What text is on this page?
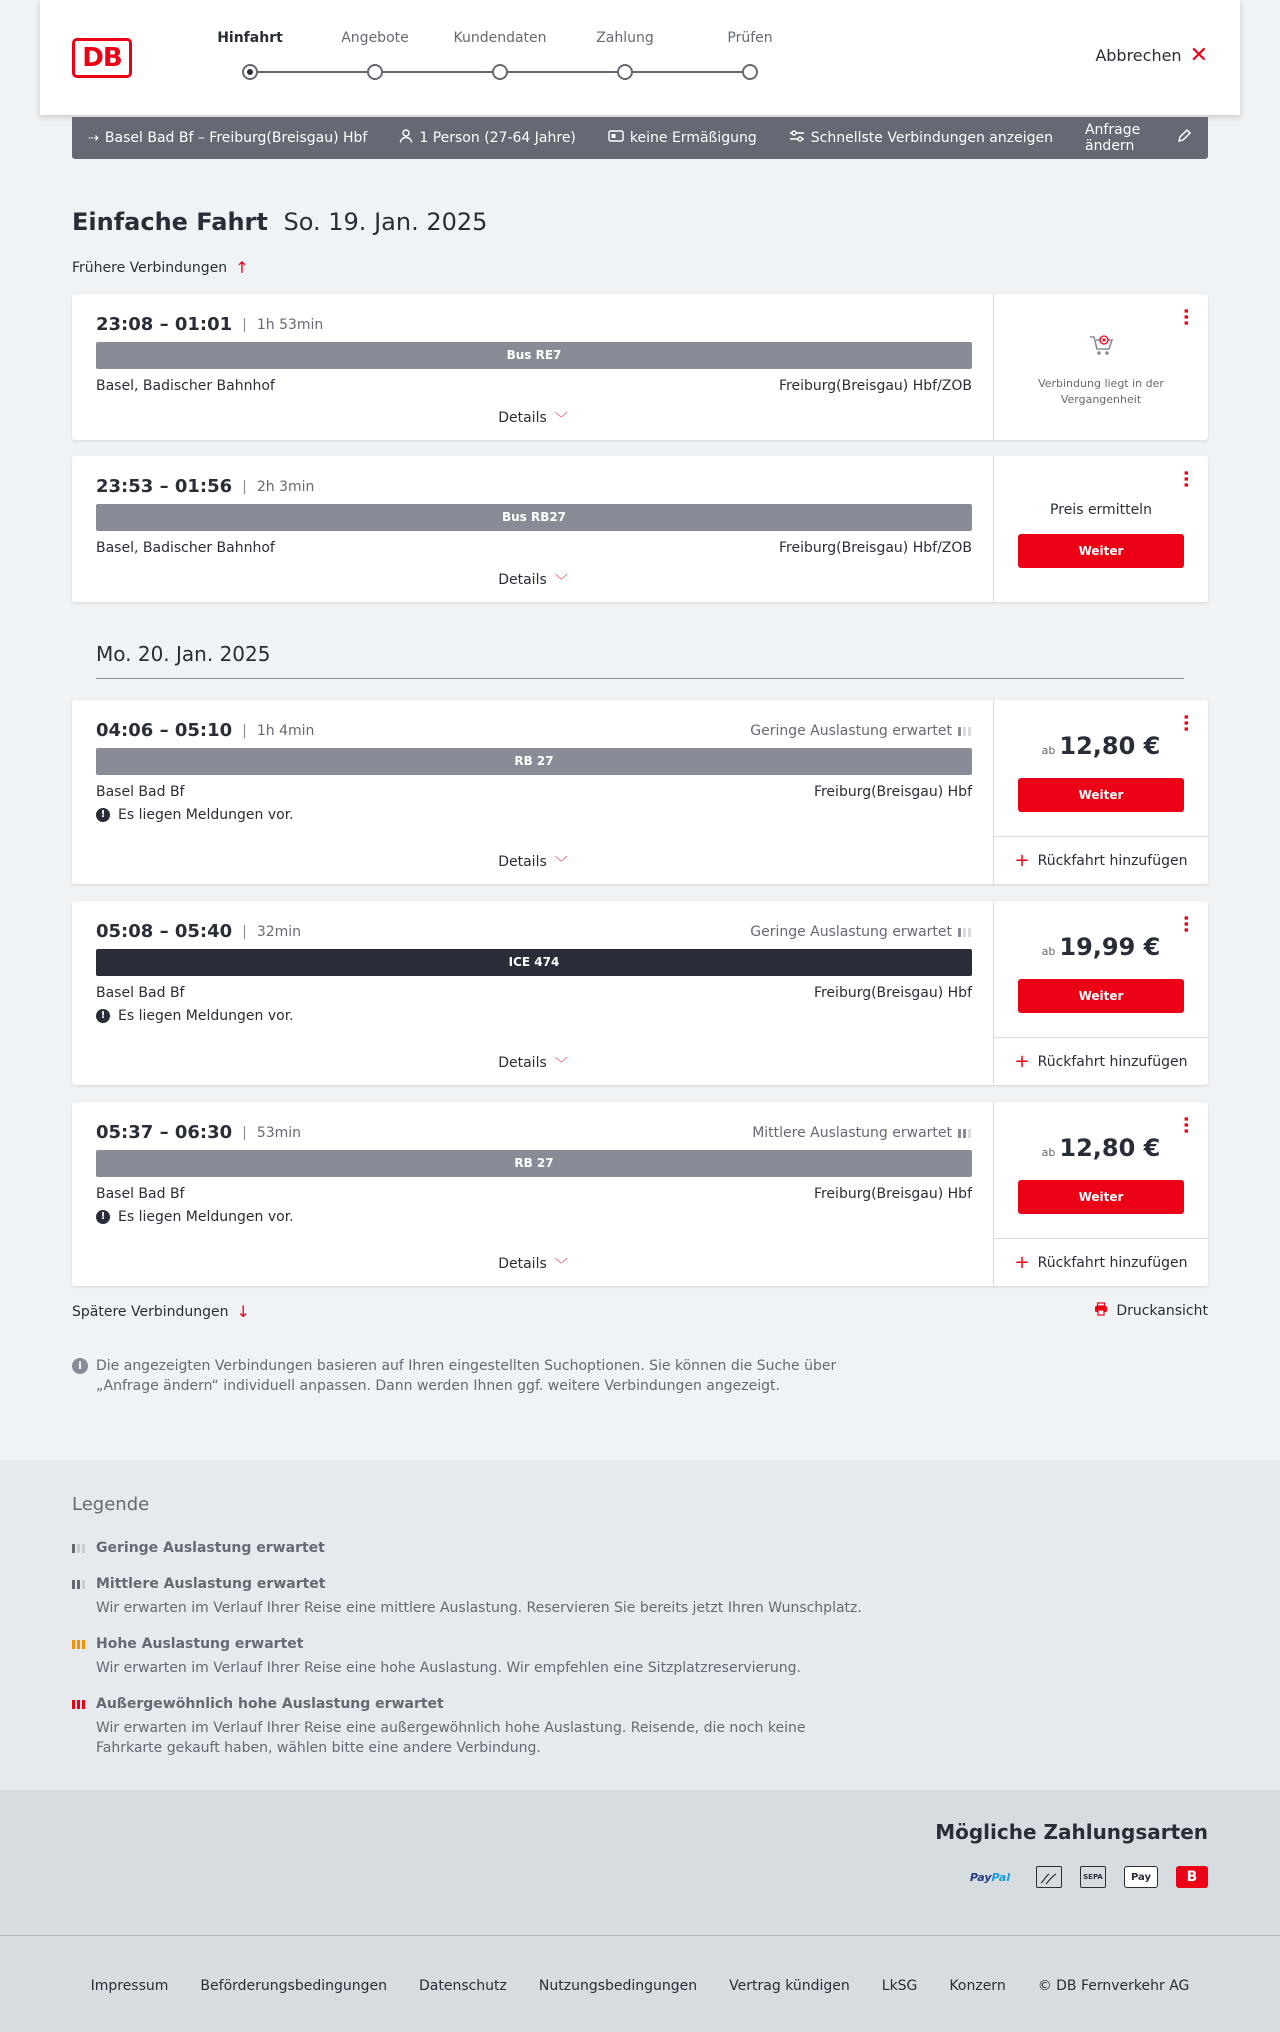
DB
Hinfahrt	Angebote	Kundendaten	Zahlung	Prüfen
Abbrechen ✕
⇢ Basel Bad Bf – Freiburg(Breisgau) Hbf	1 Person (27-64 Jahre)	keine Ermäßigung	Schnellste Verbindungen anzeigen Anfrage ändern
Einfache Fahrt So. 19. Jan. 2025
Frühere Verbindungen ↑
23:08 – 01:01 | 1h 53min
Bus RE7
Basel, Badischer Bahnhof	Freiburg(Breisgau) Hbf/ZOB
Details ﹀
⋯
Verbindung liegt in der Vergangenheit
23:53 – 01:56 | 2h 3min
Bus RB27
Basel, Badischer Bahnhof	Freiburg(Breisgau) Hbf/ZOB
Details ﹀
⋯
Preis ermitteln
Weiter
Mo. 20. Jan. 2025
04:06 – 05:10 | 1h 4min	Geringe Auslastung erwartet
RB 27
Basel Bad Bf	Freiburg(Breisgau) Hbf
! Es liegen Meldungen vor.
Details ﹀
⋯
ab 12,80 €
Weiter
+ Rückfahrt hinzufügen
05:08 – 05:40 | 32min	Geringe Auslastung erwartet
ICE 474
Basel Bad Bf	Freiburg(Breisgau) Hbf
! Es liegen Meldungen vor.
Details ﹀
⋯
ab 19,99 €
Weiter
+ Rückfahrt hinzufügen
05:37 – 06:30 | 53min	Mittlere Auslastung erwartet
RB 27
Basel Bad Bf	Freiburg(Breisgau) Hbf
! Es liegen Meldungen vor.
Details ﹀
⋯
ab 12,80 €
Weiter
+ Rückfahrt hinzufügen
Spätere Verbindungen ↓	Druckansicht
i	Die angezeigten Verbindungen basieren auf Ihren eingestellten Suchoptionen. Sie können die Suche über „Anfrage ändern“ individuell anpassen. Dann werden Ihnen ggf. weitere Verbindungen angezeigt.
Legende
Geringe Auslastung erwartet
Mittlere Auslastung erwartet
Wir erwarten im Verlauf Ihrer Reise eine mittlere Auslastung. Reservieren Sie bereits jetzt Ihren Wunschplatz.
Hohe Auslastung erwartet
Wir erwarten im Verlauf Ihrer Reise eine hohe Auslastung. Wir empfehlen eine Sitzplatzreservierung.
Außergewöhnlich hohe Auslastung erwartet
Wir erwarten im Verlauf Ihrer Reise eine außergewöhnlich hohe Auslastung. Reisende, die noch keine Fahrkarte gekauft haben, wählen bitte eine andere Verbindung.
Mögliche Zahlungsarten
Pay Pal	SEPA	Pay	B
Impressum Beförderungsbedingungen Datenschutz Nutzungsbedingungen Vertrag kündigen LkSG Konzern © DB Fernverkehr AG
